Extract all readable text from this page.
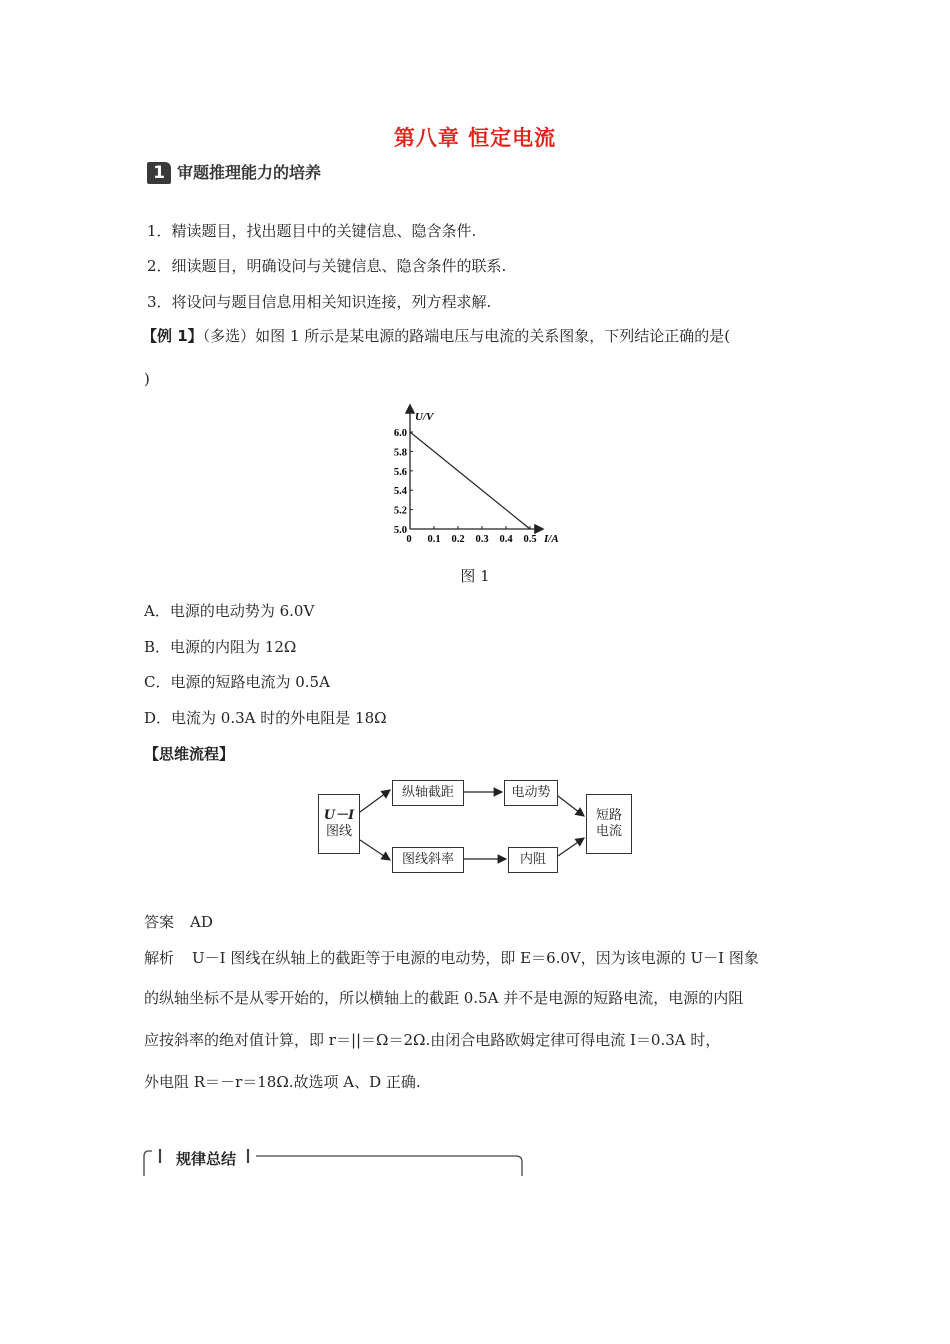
第八章 恒定电流
1 审题推理能力的培养
1．精读题目，找出题目中的关键信息、隐含条件.
2．细读题目，明确设问与关键信息、隐含条件的联系.
3．将设问与题目信息用相关知识连接，列方程求解.
【例 1】（多选）如图 1 所示是某电源的路端电压与电流的关系图象，下列结论正确的是(
)
5.0
5.2
5.4
5.6
5.8
6.0
0 0.1 0.2 0.3 0.4 0.5
U/V
I/A
图 1
A．电源的电动势为 6.0V
B．电源的内阻为 12Ω
C．电源的短路电流为 0.5A
D．电流为 0.3A 时的外电阻是 18Ω
【思维流程】
U－I
图线
纵轴截距	电动势
图线斜率	内阻
短路
电流
答案 AD
解析 U－I 图线在纵轴上的截距等于电源的电动势，即 E＝6.0V，因为该电源的 U－I 图象
的纵轴坐标不是从零开始的，所以横轴上的截距 0.5A 并不是电源的短路电流，电源的内阻
应按斜率的绝对值计算，即 r＝||＝Ω＝2Ω.由闭合电路欧姆定律可得电流 I＝0.3A 时，
外电阻 R＝－r＝18Ω.故选项 A、D 正确.
规律总结
